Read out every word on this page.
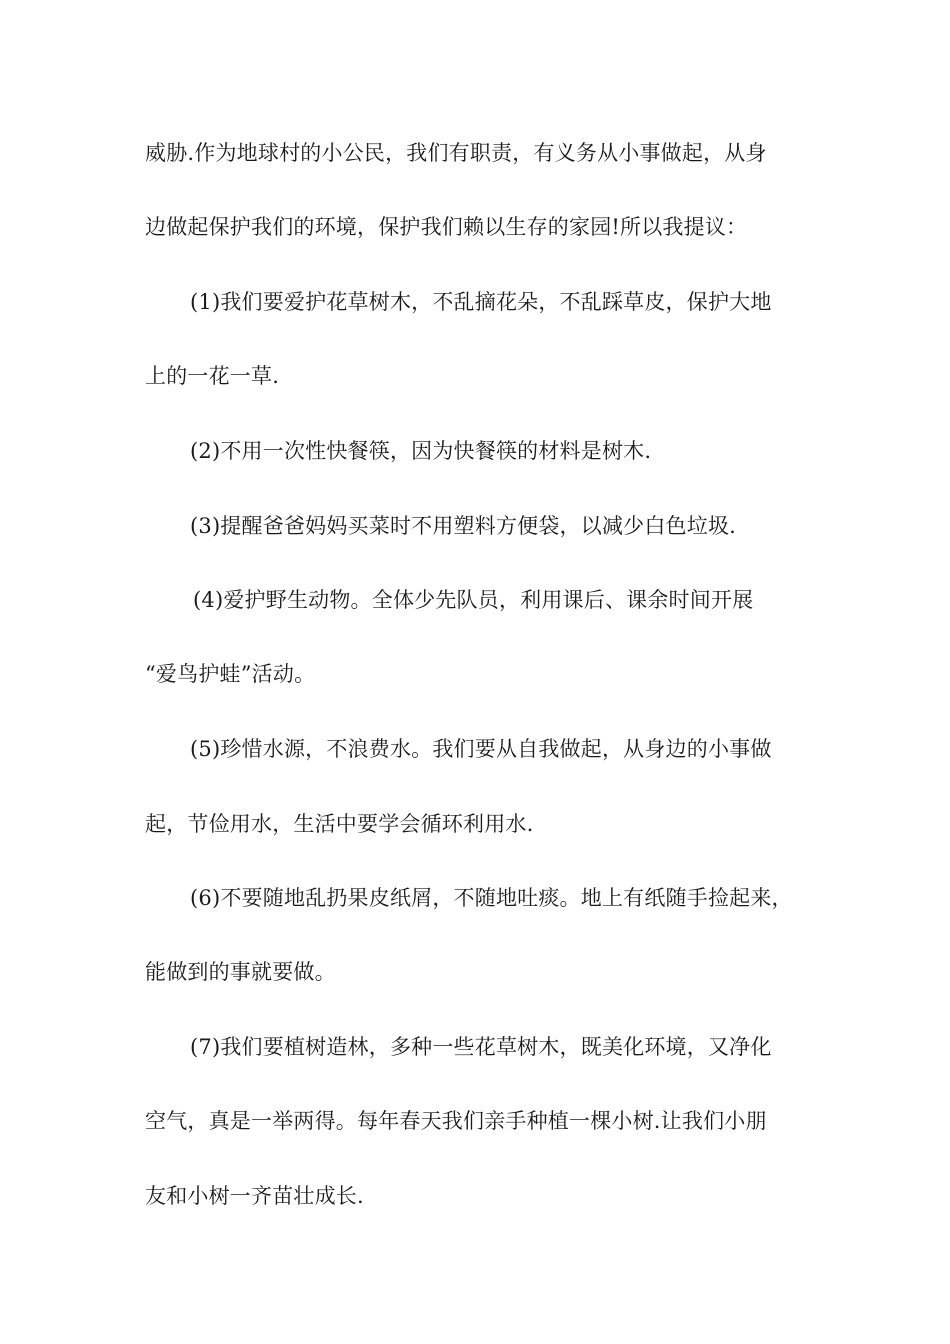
威胁.作为地球村的小公民，我们有职责，有义务从小事做起，从身
边做起保护我们的环境，保护我们赖以生存的家园!所以我提议：
(1)我们要爱护花草树木，不乱摘花朵，不乱踩草皮，保护大地
上的一花一草.
(2)不用一次性快餐筷，因为快餐筷的材料是树木.
(3)提醒爸爸妈妈买菜时不用塑料方便袋，以减少白色垃圾.
(4)爱护野生动物。全体少先队员，利用课后、课余时间开展
“爱鸟护蛙”活动。
(5)珍惜水源，不浪费水。我们要从自我做起，从身边的小事做
起，节俭用水，生活中要学会循环利用水.
(6)不要随地乱扔果皮纸屑，不随地吐痰。地上有纸随手捡起来，
能做到的事就要做。
(7)我们要植树造林，多种一些花草树木，既美化环境，又净化
空气，真是一举两得。每年春天我们亲手种植一棵小树.让我们小朋
友和小树一齐苗壮成长.
